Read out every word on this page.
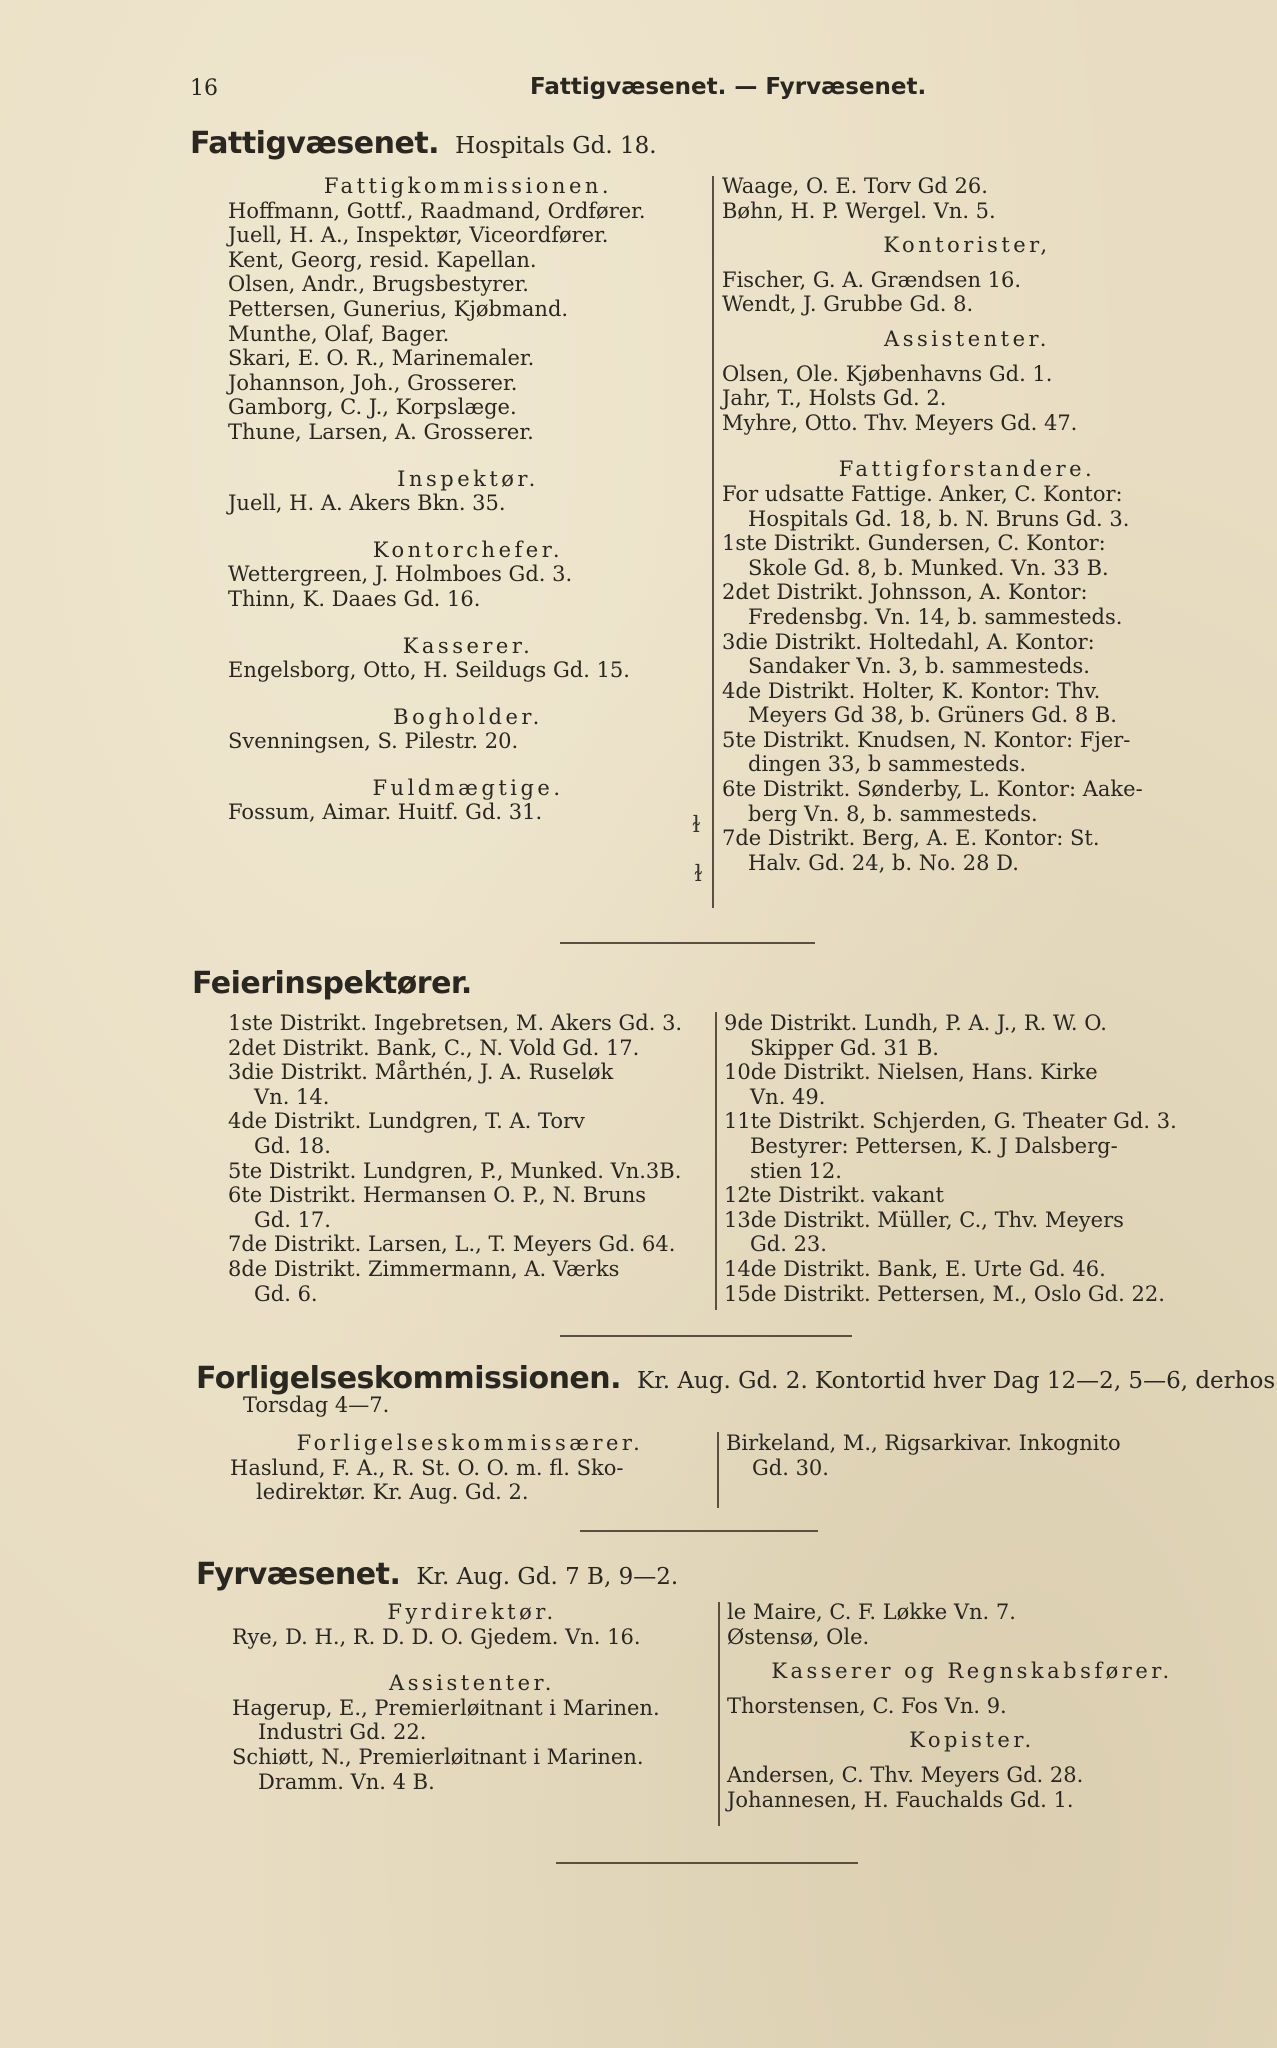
16	Fattigvæsenet. — Fyrvæsenet.
Fattigvæsenet. Hospitals Gd. 18.
Fattigkommissionen.
Hoffmann, Gottf., Raadmand, Ordfører.
Juell, H. A., Inspektør, Viceordfører.
Kent, Georg, resid. Kapellan.
Olsen, Andr., Brugsbestyrer.
Pettersen, Gunerius, Kjøbmand.
Munthe, Olaf, Bager.
Skari, E. O. R., Marinemaler.
Johannson, Joh., Grosserer.
Gamborg, C. J., Korpslæge.
Thune, Larsen, A. Grosserer.
Inspektør.
Juell, H. A. Akers Bkn. 35.
Kontorchefer.
Wettergreen, J. Holmboes Gd. 3.
Thinn, K. Daaes Gd. 16.
Kasserer.
Engelsborg, Otto, H. Seildugs Gd. 15.
Bogholder.
Svenningsen, S. Pilestr. 20.
Fuldmægtige.
Fossum, Aimar. Huitf. Gd. 31.
Waage, O. E. Torv Gd 26.
Bøhn, H. P. Wergel. Vn. 5.
Kontorister,
Fischer, G. A. Grændsen 16.
Wendt, J. Grubbe Gd. 8.
Assistenter.
Olsen, Ole. Kjøbenhavns Gd. 1.
Jahr, T., Holsts Gd. 2.
Myhre, Otto. Thv. Meyers Gd. 47.
Fattigforstandere.
For udsatte Fattige. Anker, C. Kontor:
Hospitals Gd. 18, b. N. Bruns Gd. 3.
1ste Distrikt. Gundersen, C. Kontor:
Skole Gd. 8, b. Munked. Vn. 33 B.
2det Distrikt. Johnsson, A. Kontor:
Fredensbg. Vn. 14, b. sammesteds.
3die Distrikt. Holtedahl, A. Kontor:
Sandaker Vn. 3, b. sammesteds.
4de Distrikt. Holter, K. Kontor: Thv.
Meyers Gd 38, b. Grüners Gd. 8 B.
5te Distrikt. Knudsen, N. Kontor: Fjer-
dingen 33, b sammesteds.
6te Distrikt. Sønderby, L. Kontor: Aake-
berg Vn. 8, b. sammesteds.
7de Distrikt. Berg, A. E. Kontor: St.
Halv. Gd. 24, b. No. 28 D.
ɫ
ɫ
Feierinspektører.
1ste Distrikt. Ingebretsen, M. Akers Gd. 3.
2det Distrikt. Bank, C., N. Vold Gd. 17.
3die Distrikt. Mårthén, J. A. Ruseløk
Vn. 14.
4de Distrikt. Lundgren, T. A. Torv
Gd. 18.
5te Distrikt. Lundgren, P., Munked. Vn.3B.
6te Distrikt. Hermansen O. P., N. Bruns
Gd. 17.
7de Distrikt. Larsen, L., T. Meyers Gd. 64.
8de Distrikt. Zimmermann, A. Værks
Gd. 6.
9de Distrikt. Lundh, P. A. J., R. W. O.
Skipper Gd. 31 B.
10de Distrikt. Nielsen, Hans. Kirke
Vn. 49.
11te Distrikt. Schjerden, G. Theater Gd. 3.
Bestyrer: Pettersen, K. J Dalsberg-
stien 12.
12te Distrikt. vakant
13de Distrikt. Müller, C., Thv. Meyers
Gd. 23.
14de Distrikt. Bank, E. Urte Gd. 46.
15de Distrikt. Pettersen, M., Oslo Gd. 22.
Forligelseskommissionen. Kr. Aug. Gd. 2. Kontortid hver Dag 12—2, 5—6, derhos
Torsdag 4—7.
Forligelseskommissærer.
Haslund, F. A., R. St. O. O. m. fl. Sko-
ledirektør. Kr. Aug. Gd. 2.
Birkeland, M., Rigsarkivar. Inkognito
Gd. 30.
Fyrvæsenet. Kr. Aug. Gd. 7 B, 9—2.
Fyrdirektør.
Rye, D. H., R. D. D. O. Gjedem. Vn. 16.
Assistenter.
Hagerup, E., Premierløitnant i Marinen.
Industri Gd. 22.
Schiøtt, N., Premierløitnant i Marinen.
Dramm. Vn. 4 B.
le Maire, C. F. Løkke Vn. 7.
Østensø, Ole.
Kasserer og Regnskabsfører.
Thorstensen, C. Fos Vn. 9.
Kopister.
Andersen, C. Thv. Meyers Gd. 28.
Johannesen, H. Fauchalds Gd. 1.
